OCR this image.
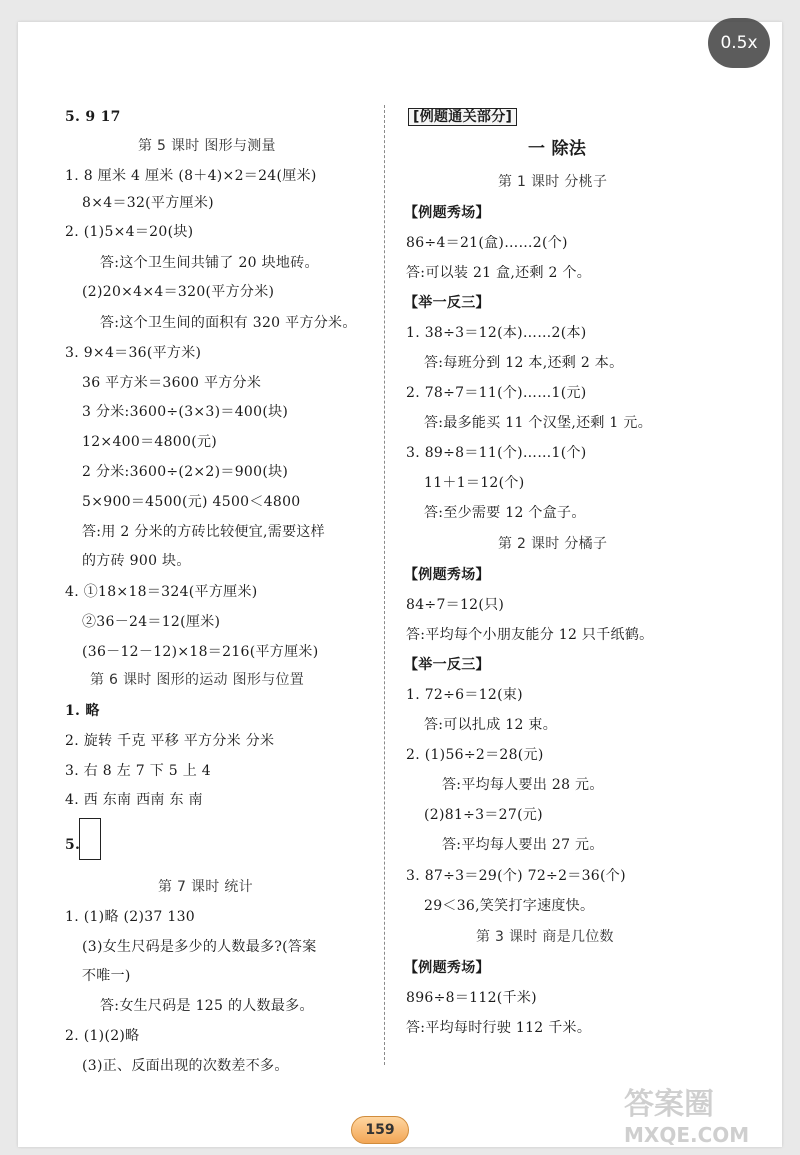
5. 9 17
第 5 课时 图形与测量
1. 8 厘米 4 厘米 (8＋4)×2＝24(厘米)
8×4＝32(平方厘米)
2. (1)5×4＝20(块)
答:这个卫生间共铺了 20 块地砖。
(2)20×4×4＝320(平方分米)
答:这个卫生间的面积有 320 平方分米。
3. 9×4＝36(平方米)
36 平方米＝3600 平方分米
3 分米:3600÷(3×3)＝400(块)
12×400＝4800(元)
2 分米:3600÷(2×2)＝900(块)
5×900＝4500(元) 4500＜4800
答:用 2 分米的方砖比较便宜,需要这样
的方砖 900 块。
4. ①18×18＝324(平方厘米)
②36－24＝12(厘米)
(36－12－12)×18＝216(平方厘米)
第 6 课时 图形的运动 图形与位置
1. 略
2. 旋转 千克 平移 平方分米 分米
3. 右 8 左 7 下 5 上 4
4. 西 东南 西南 东 南
5.
第 7 课时 统计
1. (1)略 (2)37 130
(3)女生尺码是多少的人数最多?(答案
不唯一)
答:女生尺码是 125 的人数最多。
2. (1)(2)略
(3)正、反面出现的次数差不多。
[例题通关部分]
一 除法
第 1 课时 分桃子
【例题秀场】
86÷4＝21(盒)……2(个)
答:可以装 21 盒,还剩 2 个。
【举一反三】
1. 38÷3＝12(本)……2(本)
答:每班分到 12 本,还剩 2 本。
2. 78÷7＝11(个)……1(元)
答:最多能买 11 个汉堡,还剩 1 元。
3. 89÷8＝11(个)……1(个)
11＋1＝12(个)
答:至少需要 12 个盒子。
第 2 课时 分橘子
【例题秀场】
84÷7＝12(只)
答:平均每个小朋友能分 12 只千纸鹤。
【举一反三】
1. 72÷6＝12(束)
答:可以扎成 12 束。
2. (1)56÷2＝28(元)
答:平均每人要出 28 元。
(2)81÷3＝27(元)
答:平均每人要出 27 元。
3. 87÷3＝29(个) 72÷2＝36(个)
29＜36,笑笑打字速度快。
第 3 课时 商是几位数
【例题秀场】
896÷8＝112(千米)
答:平均每时行驶 112 千米。
159
答案圈
MXQE.COM
0.5x
